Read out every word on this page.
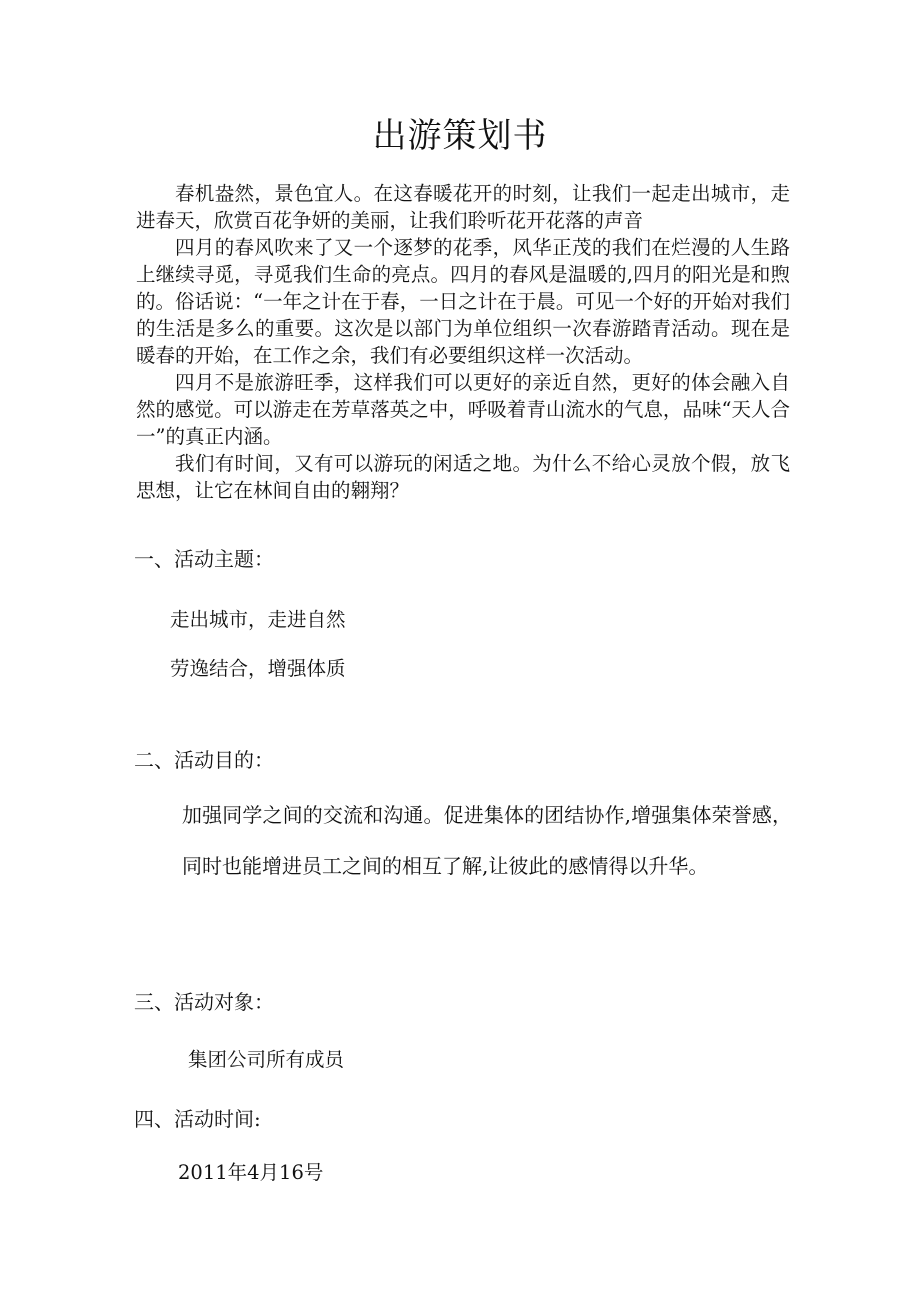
出游策划书

春机盎然，景色宜人。在这春暖花开的时刻，让我们一起走出城市，走进春天，欣赏百花争妍的美丽，让我们聆听花开花落的声音

四月的春风吹来了又一个逐梦的花季，风华正茂的我们在烂漫的人生路上继续寻觅，寻觅我们生命的亮点。四月的春风是温暖的,四月的阳光是和煦的。俗话说：“一年之计在于春，一日之计在于晨。可见一个好的开始对我们的生活是多么的重要。这次是以部门为单位组织一次春游踏青活动。现在是暖春的开始，在工作之余，我们有必要组织这样一次活动。

四月不是旅游旺季，这样我们可以更好的亲近自然，更好的体会融入自然的感觉。可以游走在芳草落英之中，呼吸着青山流水的气息，品味“天人合一”的真正内涵。

我们有时间，又有可以游玩的闲适之地。为什么不给心灵放个假，放飞思想，让它在林间自由的翱翔？

一、活动主题：
走出城市，走进自然
劳逸结合，增强体质
二、活动目的：
加强同学之间的交流和沟通。促进集体的团结协作,增强集体荣誉感，同时也能增进员工之间的相互了解,让彼此的感情得以升华。
三、活动对象：
集团公司所有成员
四、活动时间:
2011年4月16号
